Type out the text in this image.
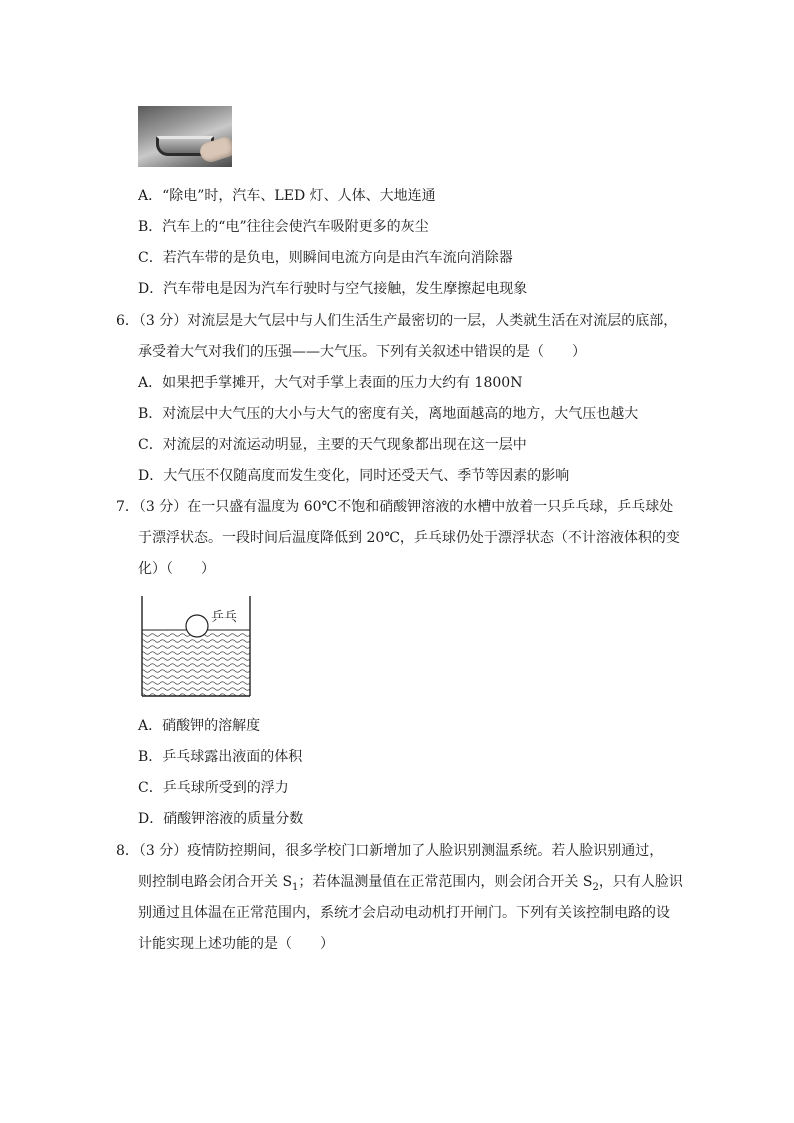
A．“除电”时，汽车、LED 灯、人体、大地连通
B．汽车上的“电”往往会使汽车吸附更多的灰尘
C．若汽车带的是负电，则瞬间电流方向是由汽车流向消除器
D．汽车带电是因为汽车行驶时与空气接触，发生摩擦起电现象
6．（3 分）对流层是大气层中与人们生活生产最密切的一层，人类就生活在对流层的底部，
承受着大气对我们的压强——大气压。下列有关叙述中错误的是（　　）
A．如果把手掌摊开，大气对手掌上表面的压力大约有 1800N
B．对流层中大气压的大小与大气的密度有关，离地面越高的地方，大气压也越大
C．对流层的对流运动明显，主要的天气现象都出现在这一层中
D．大气压不仅随高度而发生变化，同时还受天气、季节等因素的影响
7．（3 分）在一只盛有温度为 60℃不饱和硝酸钾溶液的水槽中放着一只乒乓球，乒乓球处
于漂浮状态。一段时间后温度降低到 20℃，乒乓球仍处于漂浮状态（不计溶液体积的变
化）（　　）
乒乓
A．硝酸钾的溶解度
B．乒乓球露出液面的体积
C．乒乓球所受到的浮力
D．硝酸钾溶液的质量分数
8．（3 分）疫情防控期间，很多学校门口新增加了人脸识别测温系统。若人脸识别通过，
则控制电路会闭合开关 $S_1$；若体温测量值在正常范围内，则会闭合开关 $S_2$，只有人脸识
别通过且体温在正常范围内，系统才会启动电动机打开闸门。下列有关该控制电路的设
计能实现上述功能的是（　　）
